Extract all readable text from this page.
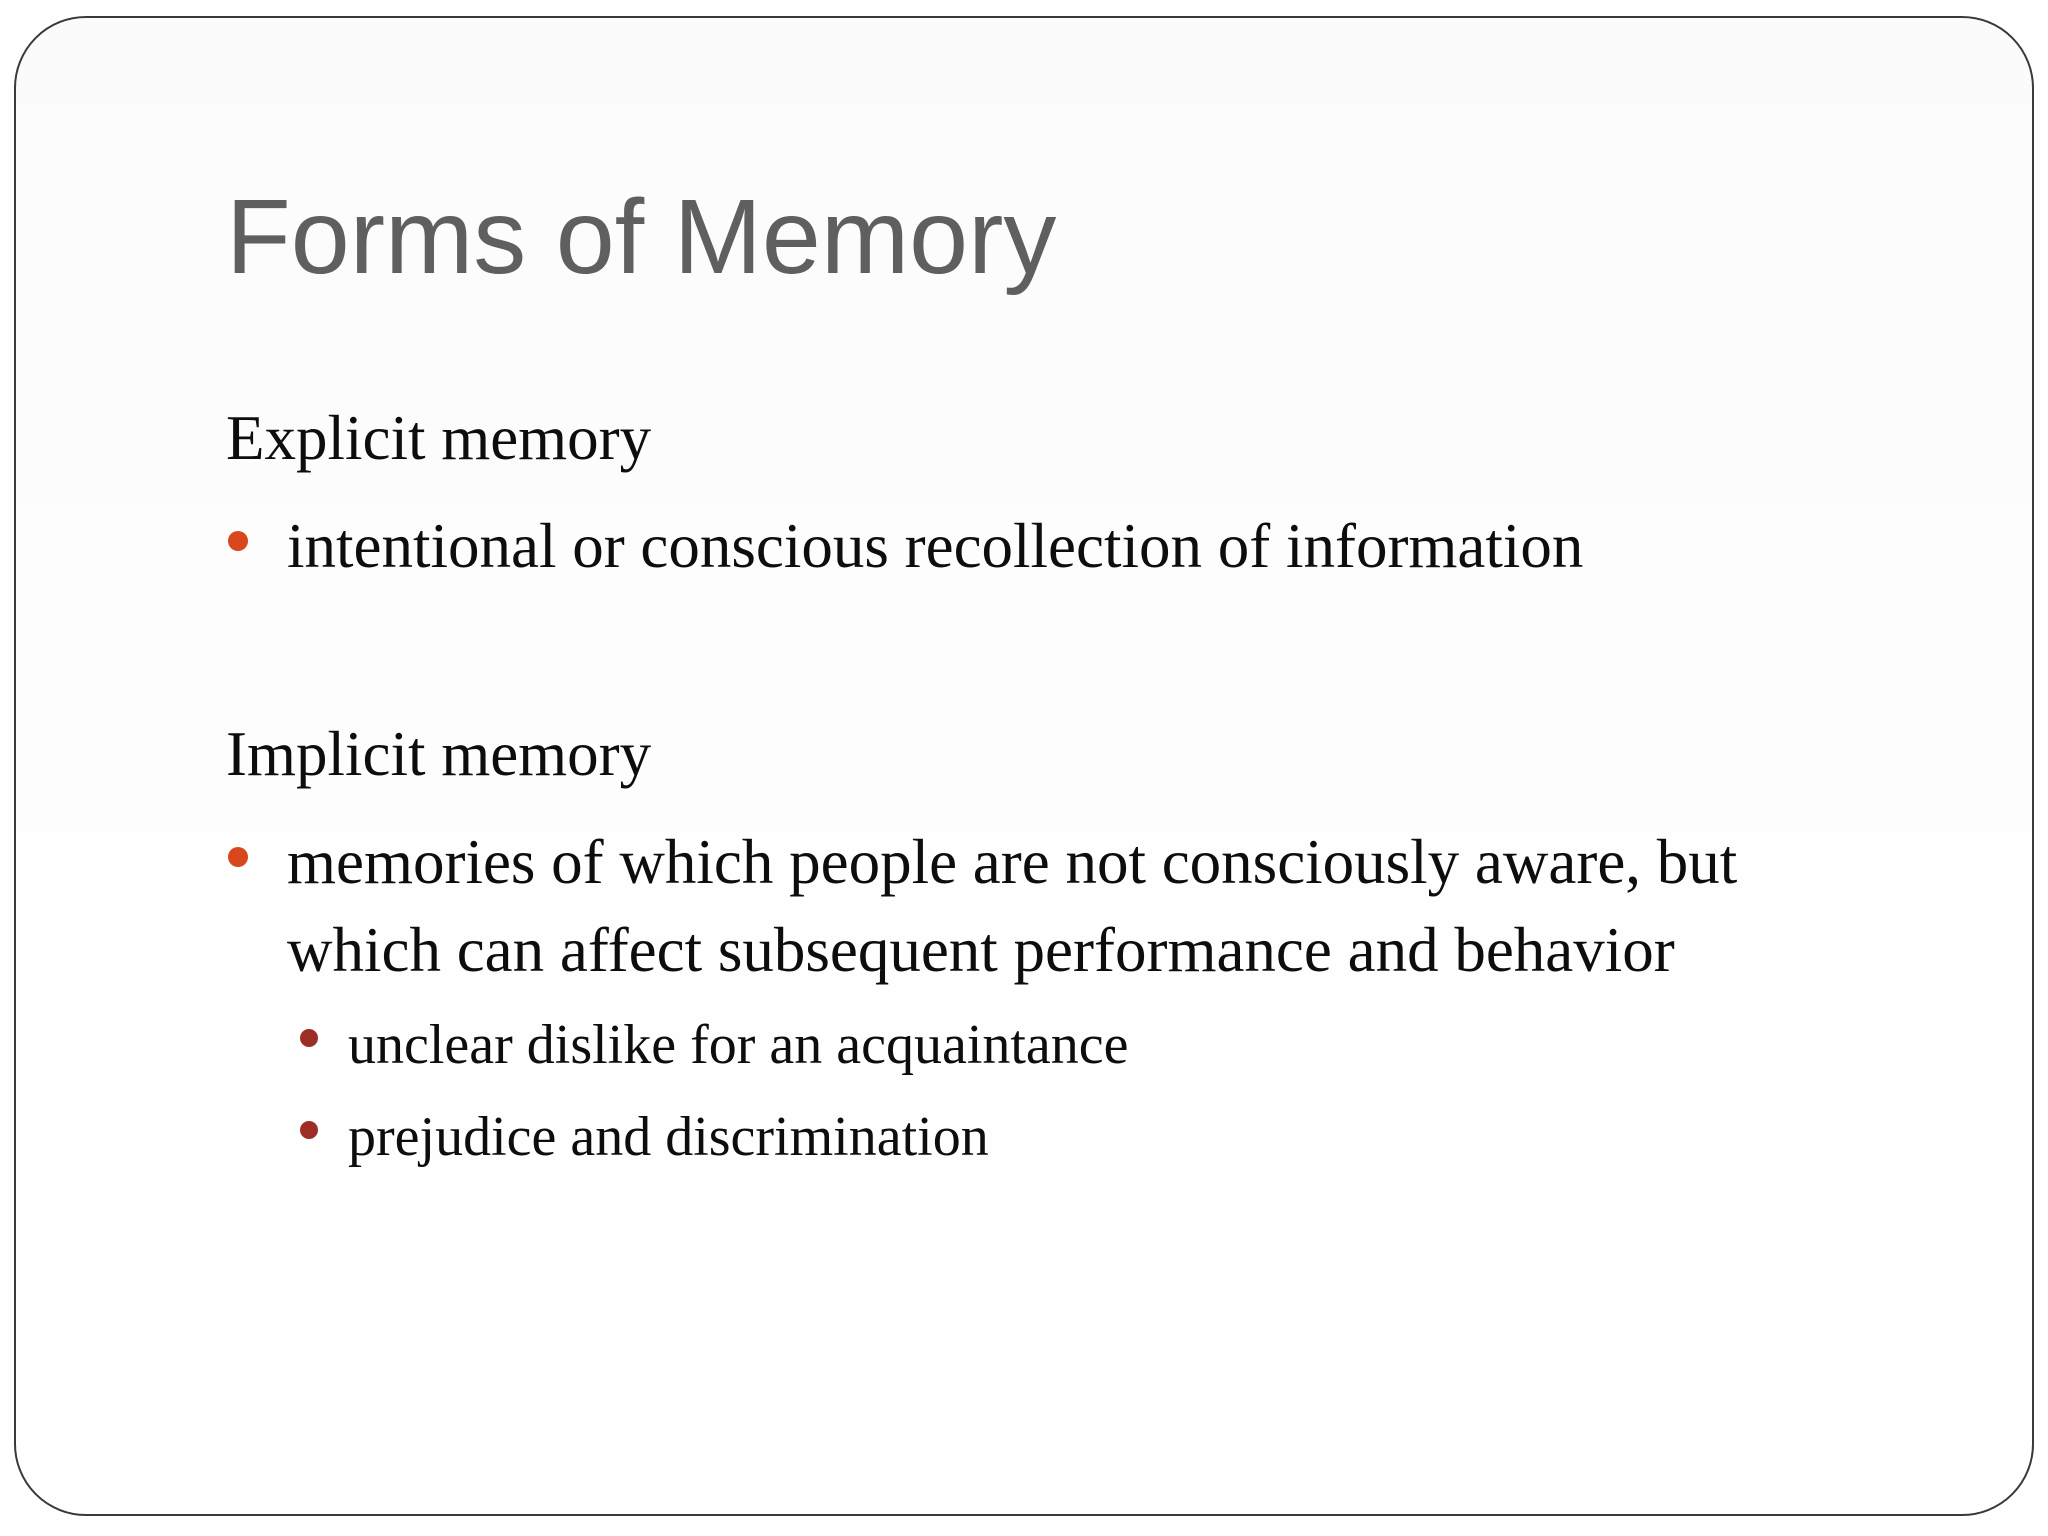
Forms of Memory
Explicit memory
intentional or conscious recollection of information
Implicit memory
memories of which people are not consciously aware, but
which can affect subsequent performance and behavior
unclear dislike for an acquaintance
prejudice and discrimination
